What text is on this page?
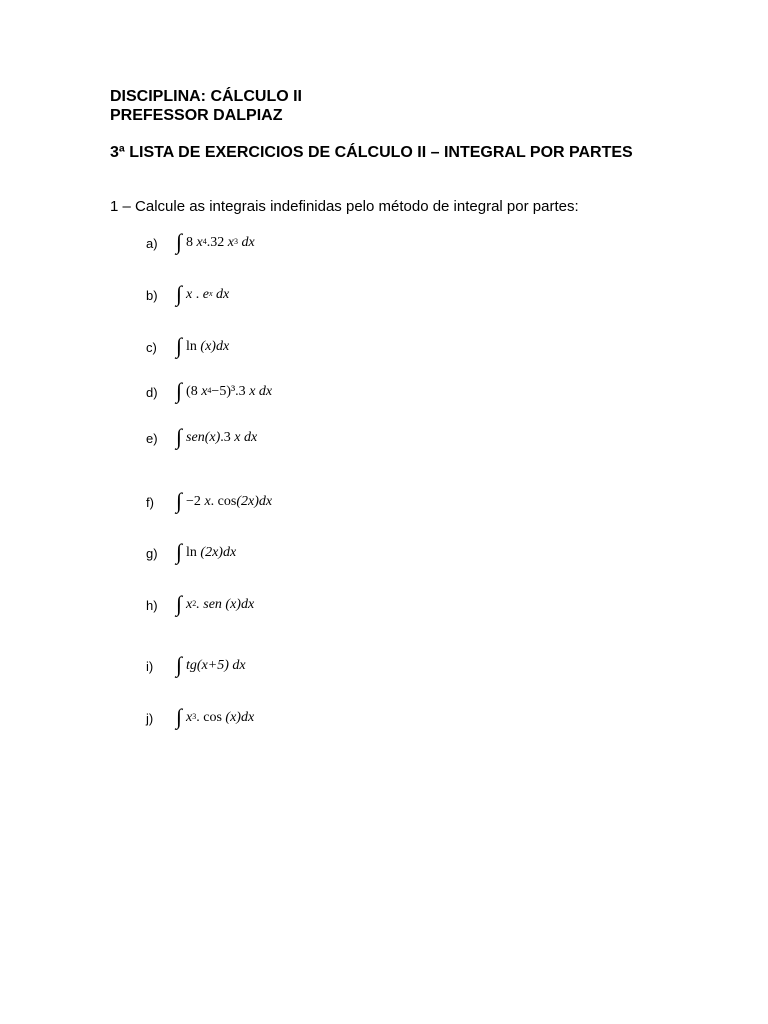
DISCIPLINA: CÁLCULO II
PREFESSOR DALPIAZ
3ª LISTA DE EXERCICIOS DE CÁLCULO II – INTEGRAL POR PARTES
1 – Calcule as integrais indefinidas pelo método de integral por partes:
a) ∫ 8
$x^4$ .32
$x^3$
dx
b) ∫ x . e $^x$
dx
c) ∫ ln
(x) dx
d) ∫ (8
$x^4 -5)^3.3$
x
dx
e) ∫ sen (x) .3
x
dx
f)	∫ −2
x . cos (2x) dx
g) ∫ ln
(2x) dx
h) ∫ $x^2$ . sen
(x) dx
i)	∫ tg (x+5)
dx
j)	∫ $x^3$ . cos
(x) dx
